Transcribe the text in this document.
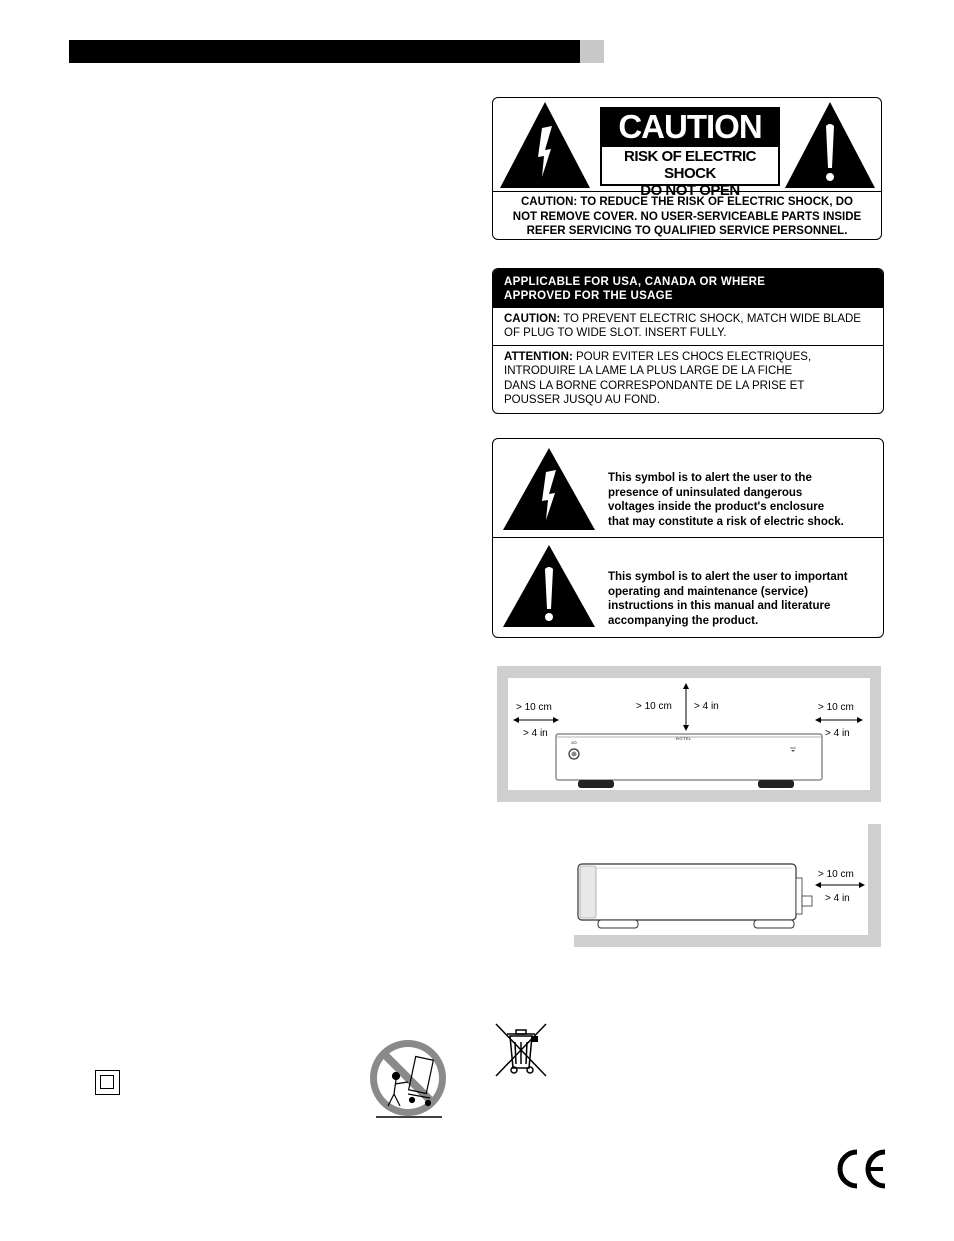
CAUTION
RISK OF ELECTRIC SHOCK
DO NOT OPEN
CAUTION: TO REDUCE THE RISK OF ELECTRIC SHOCK, DO
NOT REMOVE COVER. NO USER-SERVICEABLE PARTS INSIDE
REFER SERVICING TO QUALIFIED SERVICE PERSONNEL.
APPLICABLE FOR USA, CANADA OR WHERE
APPROVED FOR THE USAGE
CAUTION: TO PREVENT ELECTRIC SHOCK, MATCH WIDE BLADE
OF PLUG TO WIDE SLOT. INSERT FULLY.
ATTENTION: POUR EVITER LES CHOCS ELECTRIQUES,
INTRODUIRE LA LAME LA PLUS LARGE DE LA FICHE
DANS LA BORNE CORRESPONDANTE DE LA PRISE ET
POUSSER JUSQU AU FOND.
This symbol is to alert the user to the
presence of uninsulated dangerous
voltages inside the product's enclosure
that may constitute a risk of electric shock.
This symbol is to alert the user to important
operating and maintenance (service)
instructions in this manual and literature
accompanying the product.
> 10 cm
> 4 in
> 10 cm > 4 in	> 10 cm
> 4 in
I/O
ROTEL
> 10 cm
> 4 in
